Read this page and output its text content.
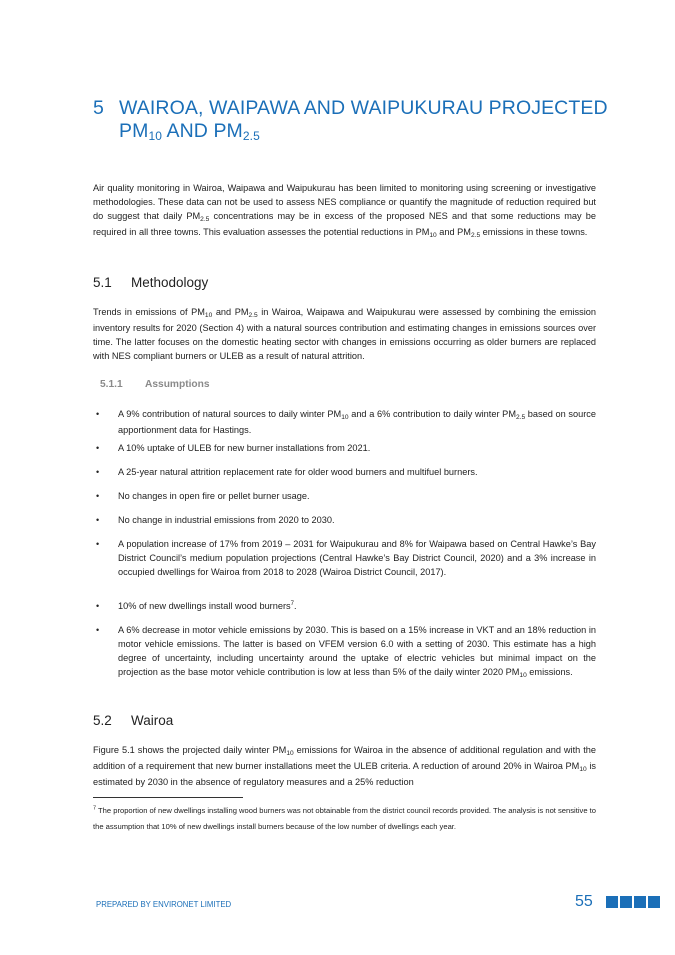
5 WAIROA, WAIPAWA AND WAIPUKURAU PROJECTED
PM10 AND PM2.5
Air quality monitoring in Wairoa, Waipawa and Waipukurau has been limited to monitoring using screening or investigative methodologies. These data can not be used to assess NES compliance or quantify the magnitude of reduction required but do suggest that daily PM2.5 concentrations may be in excess of the proposed NES and that some reductions may be required in all three towns. This evaluation assesses the potential reductions in PM10 and PM2.5 emissions in these towns.
5.1 Methodology
Trends in emissions of PM10 and PM2.5 in Wairoa, Waipawa and Waipukurau were assessed by combining the emission inventory results for 2020 (Section 4) with a natural sources contribution and estimating changes in emissions sources over time. The latter focuses on the domestic heating sector with changes in emissions occurring as older burners are replaced with NES compliant burners or ULEB as a result of natural attrition.
5.1.1 Assumptions
• A 9% contribution of natural sources to daily winter PM10 and a 6% contribution to daily winter PM2.5 based on source apportionment data for Hastings.
• A 10% uptake of ULEB for new burner installations from 2021.
• A 25-year natural attrition replacement rate for older wood burners and multifuel burners.
• No changes in open fire or pellet burner usage.
• No change in industrial emissions from 2020 to 2030.
• A population increase of 17% from 2019 – 2031 for Waipukurau and 8% for Waipawa based on Central Hawke’s Bay District Council’s medium population projections (Central Hawke’s Bay District Council, 2020) and a 3% increase in occupied dwellings for Wairoa from 2018 to 2028 (Wairoa District Council, 2017).
• 10% of new dwellings install wood burners$^7$.
• A 6% decrease in motor vehicle emissions by 2030. This is based on a 15% increase in VKT and an 18% reduction in motor vehicle emissions. The latter is based on VFEM version 6.0 with a setting of 2030. This estimate has a high degree of uncertainty, including uncertainty around the uptake of electric vehicles but minimal impact on the projection as the base motor vehicle contribution is low at less than 5% of the daily winter 2020 PM10 emissions.
5.2 Wairoa
Figure 5.1 shows the projected daily winter PM10 emissions for Wairoa in the absence of additional regulation and with the addition of a requirement that new burner installations meet the ULEB criteria. A reduction of around 20% in Wairoa PM10 is estimated by 2030 in the absence of regulatory measures and a 25% reduction
$^7$ The proportion of new dwellings installing wood burners was not obtainable from the district council records provided. The analysis is not sensitive to the assumption that 10% of new dwellings install burners because of the low number of dwellings each year.
PREPARED BY ENVIRONET LIMITED	55
